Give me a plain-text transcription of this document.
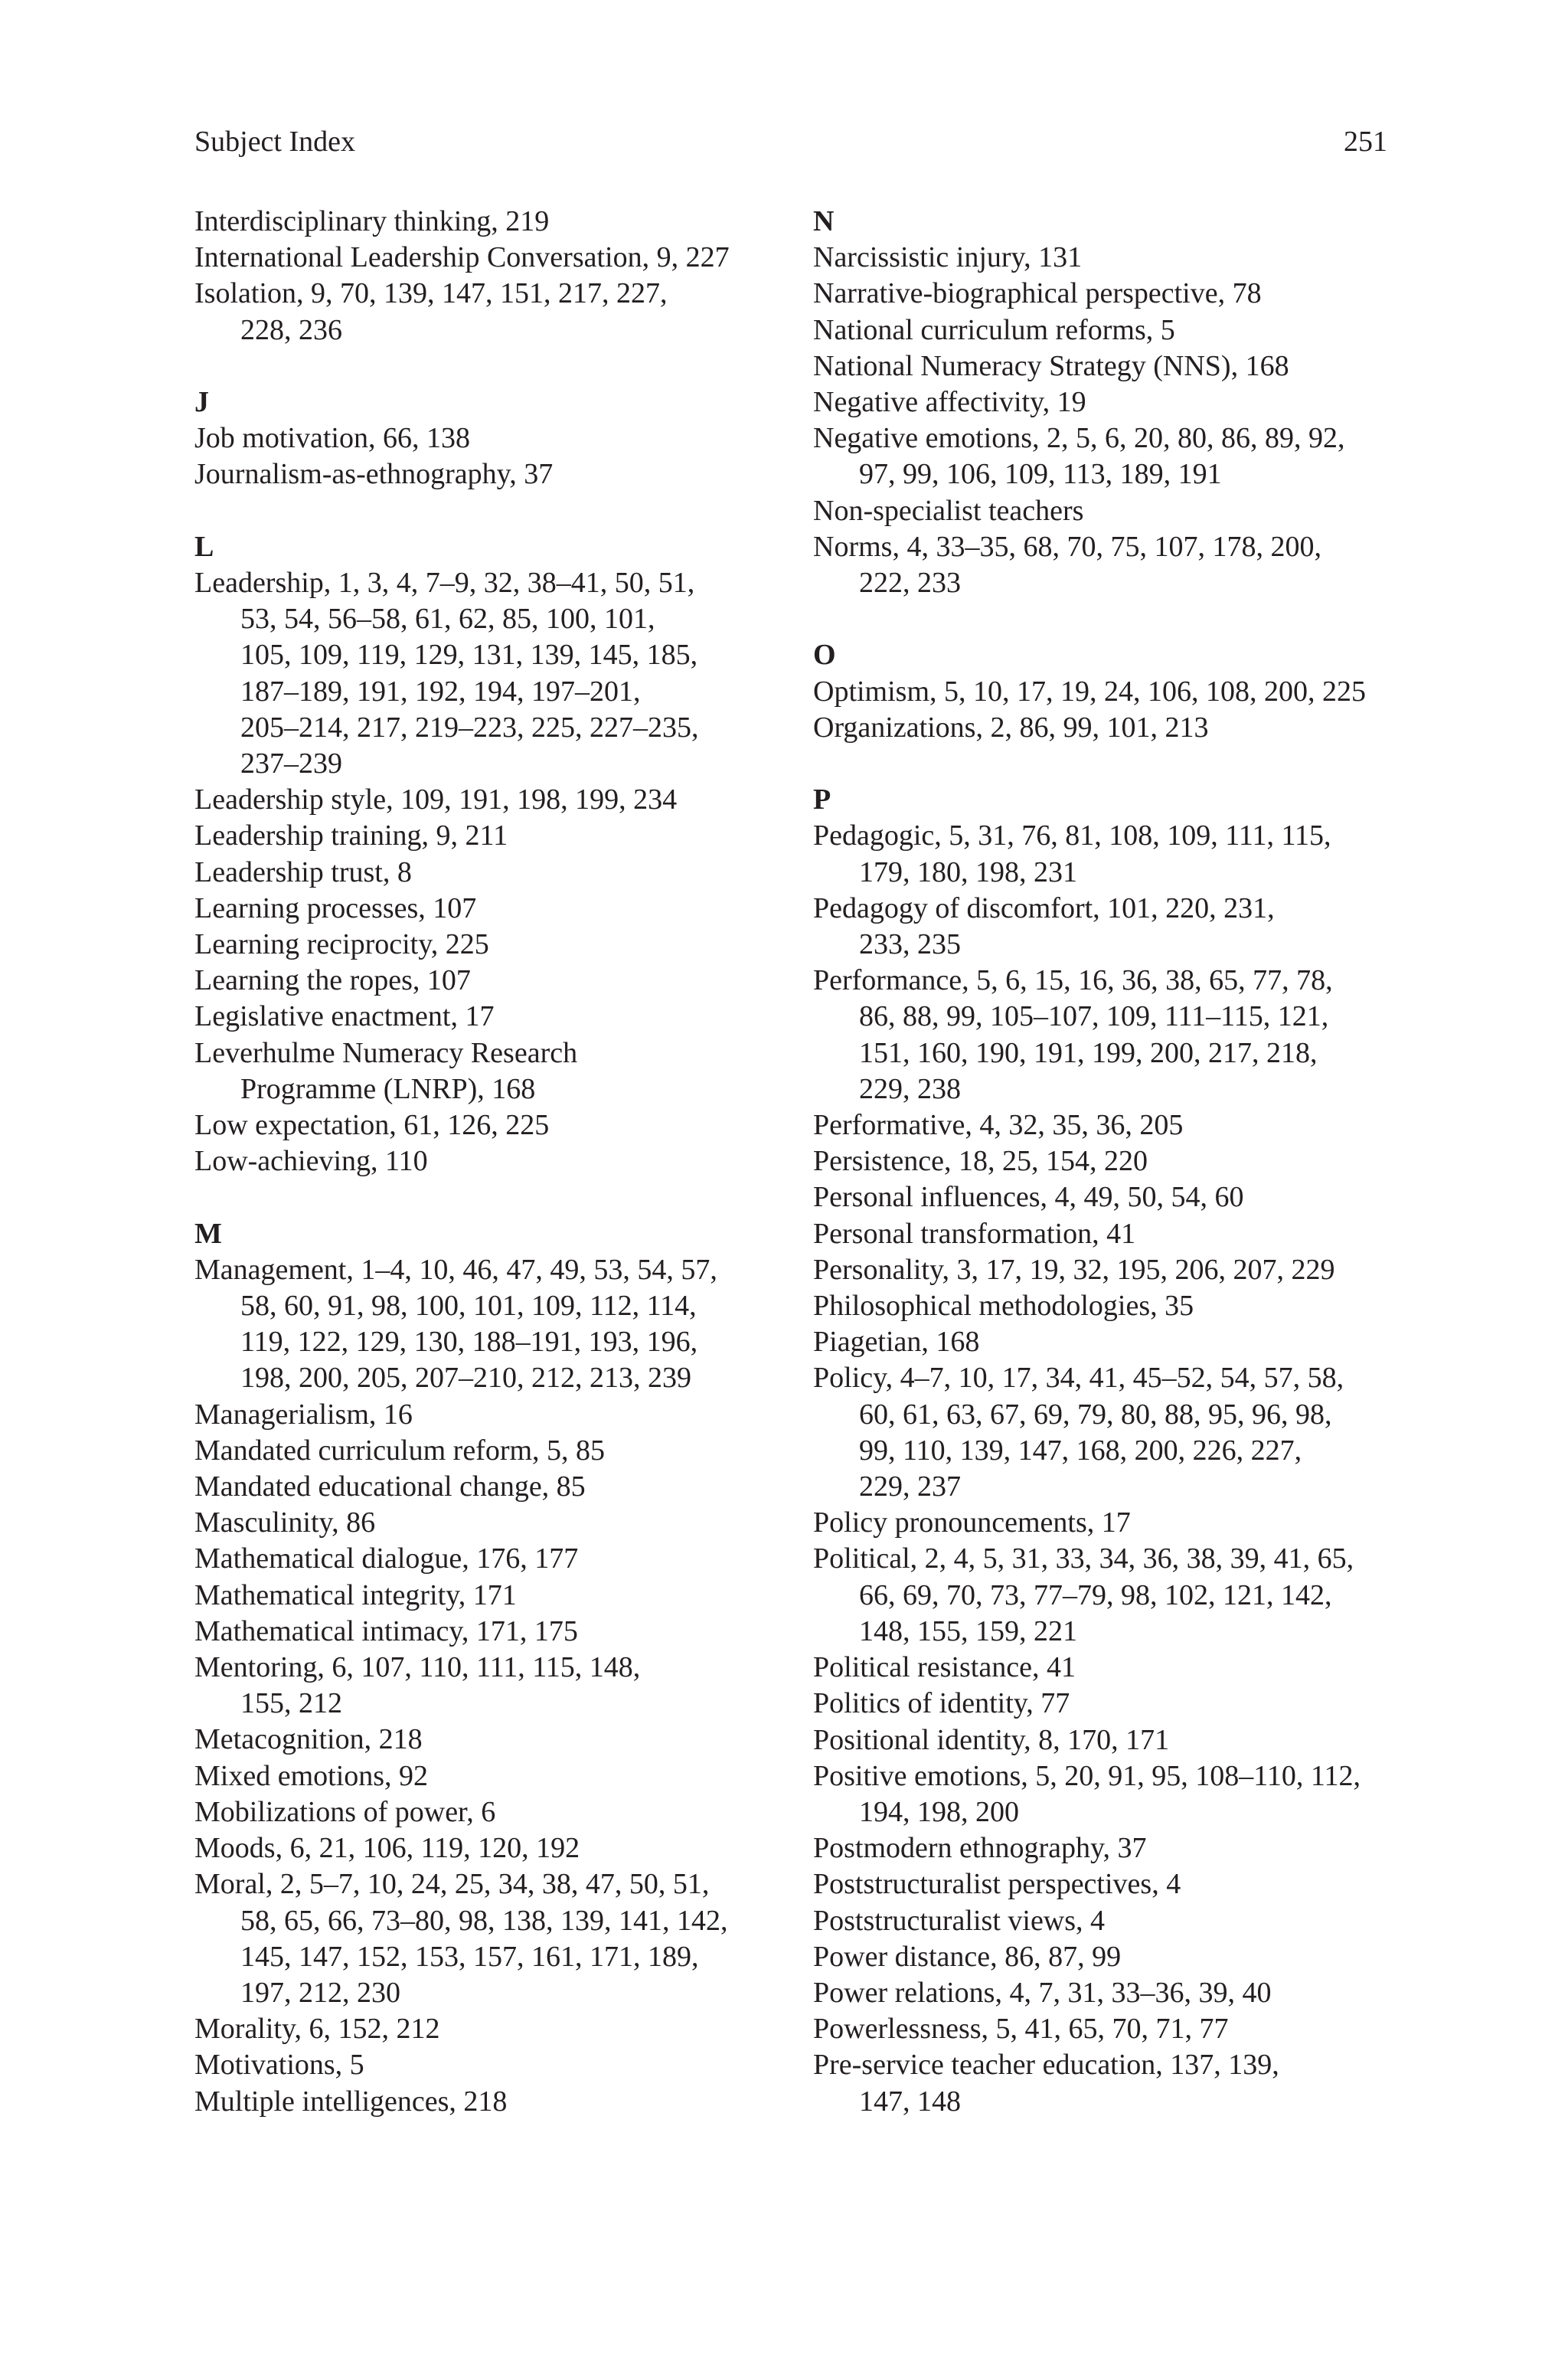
Subject Index	251
Interdisciplinary thinking, 219
International Leadership Conversation, 9, 227
Isolation, 9, 70, 139, 147, 151, 217, 227,
228, 236
J
Job motivation, 66, 138
Journalism-as-ethnography, 37
L
Leadership, 1, 3, 4, 7–9, 32, 38–41, 50, 51,
53, 54, 56–58, 61, 62, 85, 100, 101,
105, 109, 119, 129, 131, 139, 145, 185,
187–189, 191, 192, 194, 197–201,
205–214, 217, 219–223, 225, 227–235,
237–239
Leadership style, 109, 191, 198, 199, 234
Leadership training, 9, 211
Leadership trust, 8
Learning processes, 107
Learning reciprocity, 225
Learning the ropes, 107
Legislative enactment, 17
Leverhulme Numeracy Research
Programme (LNRP), 168
Low expectation, 61, 126, 225
Low-achieving, 110
M
Management, 1–4, 10, 46, 47, 49, 53, 54, 57,
58, 60, 91, 98, 100, 101, 109, 112, 114,
119, 122, 129, 130, 188–191, 193, 196,
198, 200, 205, 207–210, 212, 213, 239
Managerialism, 16
Mandated curriculum reform, 5, 85
Mandated educational change, 85
Masculinity, 86
Mathematical dialogue, 176, 177
Mathematical integrity, 171
Mathematical intimacy, 171, 175
Mentoring, 6, 107, 110, 111, 115, 148,
155, 212
Metacognition, 218
Mixed emotions, 92
Mobilizations of power, 6
Moods, 6, 21, 106, 119, 120, 192
Moral, 2, 5–7, 10, 24, 25, 34, 38, 47, 50, 51,
58, 65, 66, 73–80, 98, 138, 139, 141, 142,
145, 147, 152, 153, 157, 161, 171, 189,
197, 212, 230
Morality, 6, 152, 212
Motivations, 5
Multiple intelligences, 218
N
Narcissistic injury, 131
Narrative-biographical perspective, 78
National curriculum reforms, 5
National Numeracy Strategy (NNS), 168
Negative affectivity, 19
Negative emotions, 2, 5, 6, 20, 80, 86, 89, 92,
97, 99, 106, 109, 113, 189, 191
Non-specialist teachers
Norms, 4, 33–35, 68, 70, 75, 107, 178, 200,
222, 233
O
Optimism, 5, 10, 17, 19, 24, 106, 108, 200, 225
Organizations, 2, 86, 99, 101, 213
P
Pedagogic, 5, 31, 76, 81, 108, 109, 111, 115,
179, 180, 198, 231
Pedagogy of discomfort, 101, 220, 231,
233, 235
Performance, 5, 6, 15, 16, 36, 38, 65, 77, 78,
86, 88, 99, 105–107, 109, 111–115, 121,
151, 160, 190, 191, 199, 200, 217, 218,
229, 238
Performative, 4, 32, 35, 36, 205
Persistence, 18, 25, 154, 220
Personal influences, 4, 49, 50, 54, 60
Personal transformation, 41
Personality, 3, 17, 19, 32, 195, 206, 207, 229
Philosophical methodologies, 35
Piagetian, 168
Policy, 4–7, 10, 17, 34, 41, 45–52, 54, 57, 58,
60, 61, 63, 67, 69, 79, 80, 88, 95, 96, 98,
99, 110, 139, 147, 168, 200, 226, 227,
229, 237
Policy pronouncements, 17
Political, 2, 4, 5, 31, 33, 34, 36, 38, 39, 41, 65,
66, 69, 70, 73, 77–79, 98, 102, 121, 142,
148, 155, 159, 221
Political resistance, 41
Politics of identity, 77
Positional identity, 8, 170, 171
Positive emotions, 5, 20, 91, 95, 108–110, 112,
194, 198, 200
Postmodern ethnography, 37
Poststructuralist perspectives, 4
Poststructuralist views, 4
Power distance, 86, 87, 99
Power relations, 4, 7, 31, 33–36, 39, 40
Powerlessness, 5, 41, 65, 70, 71, 77
Pre-service teacher education, 137, 139,
147, 148
